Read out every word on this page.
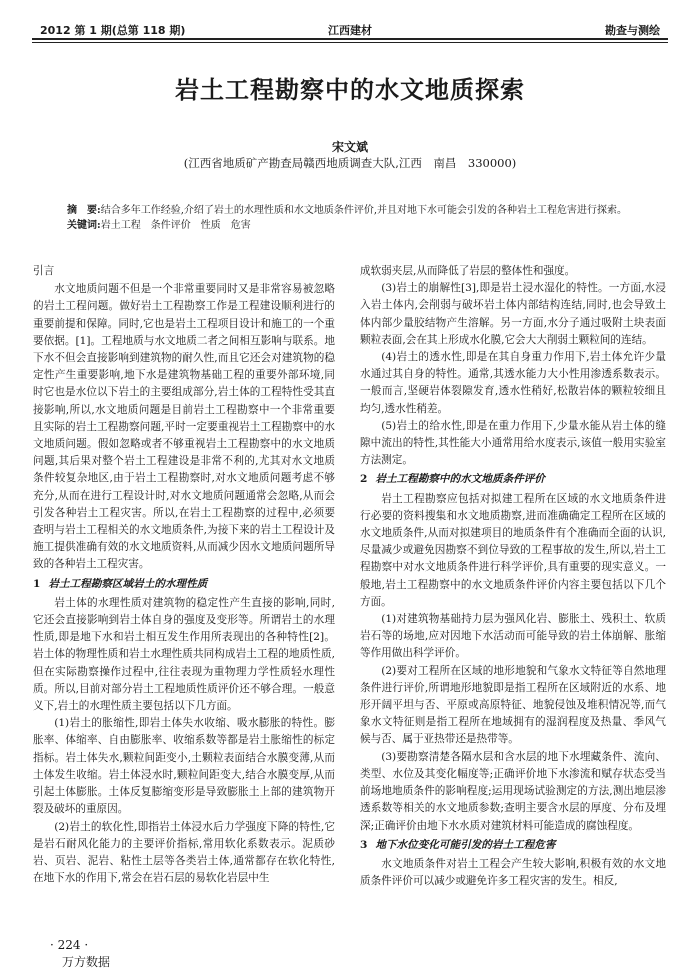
2012 第 1 期(总第 118 期)	江西建材	勘查与测绘
岩土工程勘察中的水文地质探索
宋文斌
(江西省地质矿产勘查局赣西地质调查大队,江西　南昌　330000)
摘　要:结合多年工作经验,介绍了岩土的水理性质和水文地质条件评价,并且对地下水可能会引发的各种岩土工程危害进行探索。
关键词:岩土工程　条件评价　性质　危害

引言

水文地质问题不但是一个非常重要同时又是非常容易被忽略的岩土工程问题。做好岩土工程勘察工作是工程建设顺利进行的重要前提和保障。同时,它也是岩土工程项目设计和施工的一个重要依据。[1]。工程地质与水文地质二者之间相互影响与联系。地下水不但会直接影响到建筑物的耐久性,而且它还会对建筑物的稳定性产生重要影响,地下水是建筑物基础工程的重要外部环境,同时它也是水位以下岩土的主要组成部分,岩土体的工程特性受其直接影响,所以,水文地质问题是目前岩土工程勘察中一个非常重要且实际的岩土工程勘察问题,平时一定要重视岩土工程勘察中的水文地质问题。假如忽略或者不够重视岩土工程勘察中的水文地质问题,其后果对整个岩土工程建设是非常不利的,尤其对水文地质条件较复杂地区,由于岩土工程勘察时,对水文地质问题考虑不够充分,从而在进行工程设计时,对水文地质问题通常会忽略,从而会引发各种岩土工程灾害。所以,在岩土工程勘察的过程中,必须要查明与岩土工程相关的水文地质条件,为接下来的岩土工程设计及施工提供准确有效的水文地质资料,从而减少因水文地质问题所导致的各种岩土工程灾害。

1 岩土工程勘察区域岩土的水理性质

岩土体的水理性质对建筑物的稳定性产生直接的影响,同时,它还会直接影响到岩土体自身的强度及变形等。所谓岩土的水理性质,即是地下水和岩土相互发生作用所表现出的各种特性[2]。岩土体的物理性质和岩土水理性质共同构成岩土工程的地质性质,但在实际勘察操作过程中,往往表现为重物理力学性质轻水理性质。所以,目前对部分岩土工程地质性质评价还不够合理。一般意义下,岩土的水理性质主要包括以下几方面。

(1)岩土的胀缩性,即岩土体失水收缩、吸水膨胀的特性。膨胀率、体缩率、自由膨胀率、收缩系数等都是岩土胀缩性的标定指标。岩土体失水,颗粒间距变小,土颗粒表面结合水膜变薄,从而土体发生收缩。岩土体浸水时,颗粒间距变大,结合水膜变厚,从而引起土体膨胀。土体反复膨缩变形是导致膨胀土上部的建筑物开裂及破坏的重原因。

(2)岩土的软化性,即指岩土体浸水后力学强度下降的特性,它是岩石耐风化能力的主要评价指标,常用软化系数表示。泥质砂岩、页岩、泥岩、粘性土层等各类岩土体,通常都存在软化特性,在地下水的作用下,常会在岩石层的易软化岩层中生

成软弱夹层,从而降低了岩层的整体性和强度。

(3)岩土的崩解性[3],即是岩土浸水湿化的特性。一方面,水浸入岩土体内,会削弱与破坏岩土体内部结构连结,同时,也会导致土体内部少量胶结物产生溶解。另一方面,水分子通过吸附土块表面颗粒表面,会在其上形成水化膜,它会大大削弱土颗粒间的连结。

(4)岩土的透水性,即是在其自身重力作用下,岩土体允许少量水通过其自身的特性。通常,其透水能力大小性用渗透系数表示。一般而言,坚硬岩体裂隙发育,透水性稍好,松散岩体的颗粒较细且均匀,透水性稍差。

(5)岩土的给水性,即是在重力作用下,少量水能从岩土体的缝隙中流出的特性,其性能大小通常用给水度表示,该值一般用实验室方法测定。

2 岩土工程勘察中的水文地质条件评价

岩土工程勘察应包括对拟建工程所在区域的水文地质条件进行必要的资料搜集和水文地质勘察,进而准确确定工程所在区域的水文地质条件,从而对拟建项目的地质条件有个准确而全面的认识,尽量减少或避免因勘察不到位导致的工程事故的发生,所以,岩土工程勘察中对水文地质条件进行科学评价,具有重要的现实意义。一般地,岩土工程勘察中的水文地质条件评价内容主要包括以下几个方面。

(1)对建筑物基础持力层为强风化岩、膨胀土、残积土、软质岩石等的场地,应对因地下水活动而可能导致的岩土体崩解、胀缩等作用做出科学评价。

(2)要对工程所在区域的地形地貌和气象水文特征等自然地理条件进行评价,所谓地形地貌即是指工程所在区域附近的水系、地形开阔平坦与否、平原或高原特征、地貌侵蚀及堆积情况等,而气象水文特征则是指工程所在地域拥有的湿润程度及热量、季风气候与否、属于亚热带还是热带等。

(3)要勘察清楚各隔水层和含水层的地下水埋藏条件、流向、类型、水位及其变化幅度等;正确评价地下水渗流和赋存状态受当前场地地质条件的影响程度;运用现场试验测定的方法,测出地层渗透系数等相关的水文地质参数;查明主要含水层的厚度、分布及埋深;正确评价由地下水水质对建筑材料可能造成的腐蚀程度。

3 地下水位变化可能引发的岩土工程危害

水文地质条件对岩土工程会产生较大影响,积极有效的水文地质条件评价可以减少或避免许多工程灾害的发生。相反,

· 224 ·
万方数据
